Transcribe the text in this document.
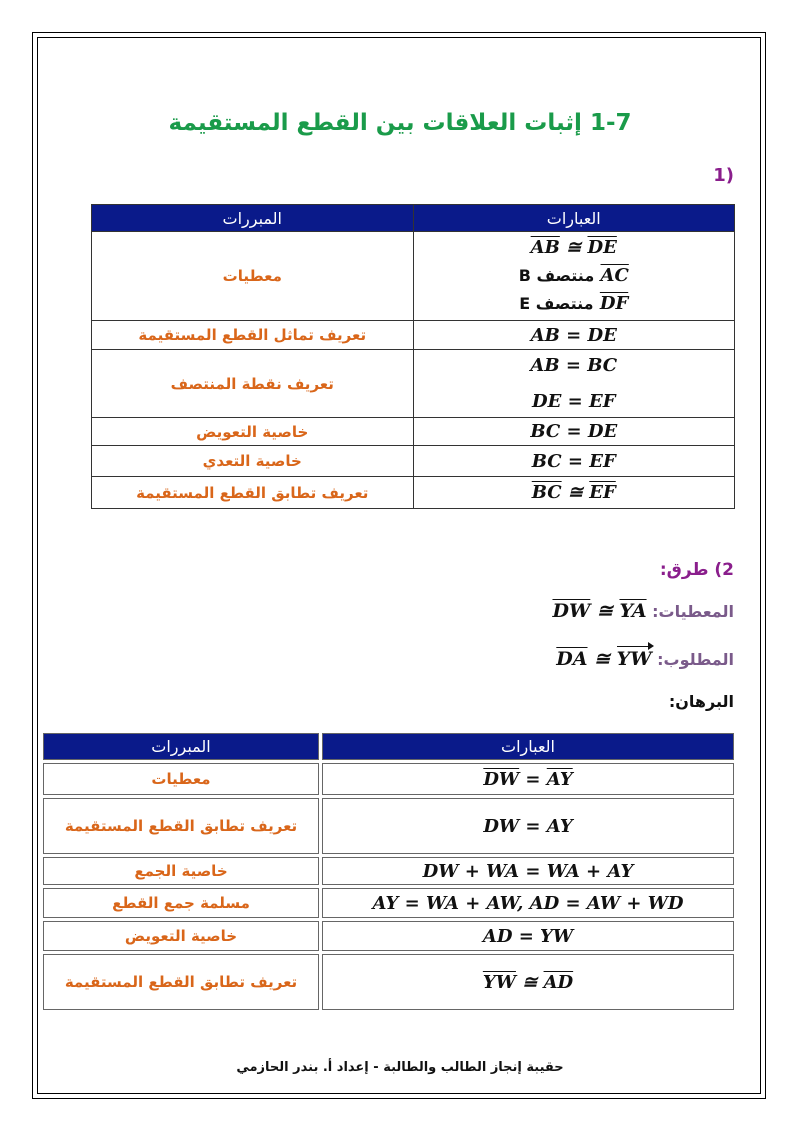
1-7 إثبات العلاقات بين القطع المستقيمة
(1
المبررات	العبارات
معطيات	$\overline{AB}$ ≅ $\overline{DE}$
B منتصف $\overline{AC}$
E منتصف $\overline{DF}$

تعريف تماثل القطع المستقيمة	AB = DE
تعريف نقطة المنتصف	AB = BC
DE = EF

خاصية التعويض	BC = DE
خاصية التعدي	BC = EF
تعريف تطابق القطع المستقيمة	$\overline{BC}$ ≅ $\overline{EF}$
2) طرق:
المعطيات: $\overline{DW}$ ≅ $\overline{YA}$
المطلوب: $\overline{DA}$ ≅ YW
البرهان:
المبررات	العبارات
معطيات	$\overline{DW} = \overline{AY}$
تعريف تطابق القطع المستقيمة	DW = AY
خاصية الجمع	DW + WA = WA + AY
مسلمة جمع القطع	AY = WA + AW, AD = AW + WD
خاصية التعويض	AD = YW
تعريف تطابق القطع المستقيمة	$\overline{YW}$ ≅ $\overline{AD}$
حقيبة إنجاز الطالب والطالبة - إعداد أ. بندر الحازمي
